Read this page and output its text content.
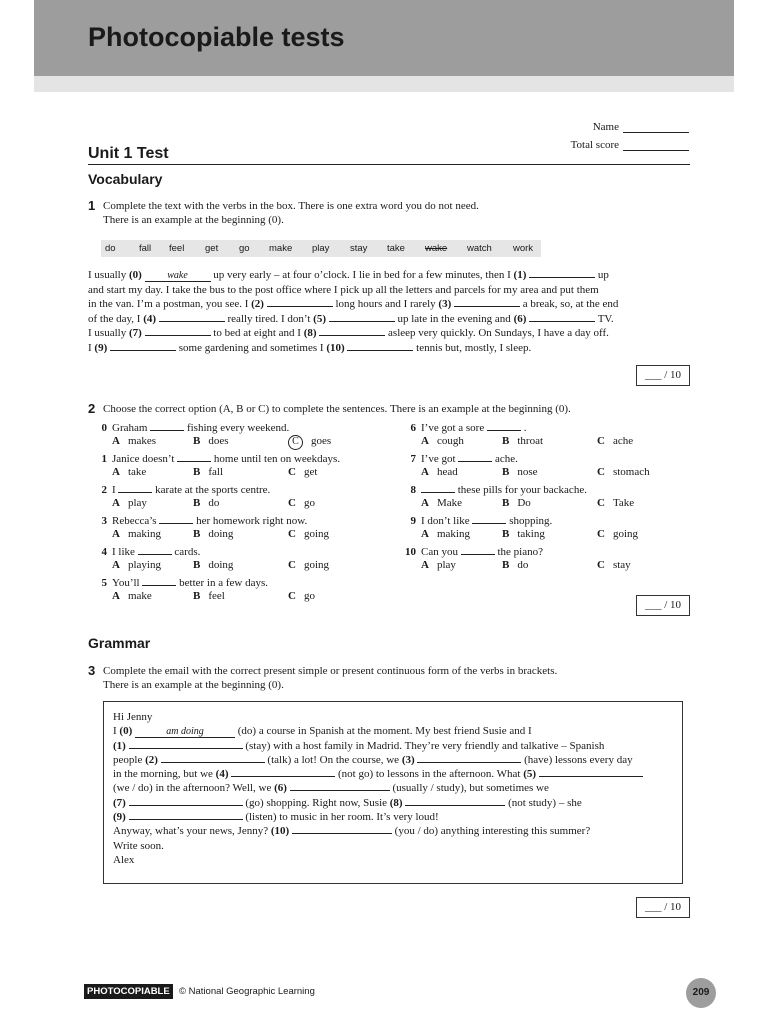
Photocopiable tests
Name
Total score
Unit 1 Test
Vocabulary
1 Complete the text with the verbs in the box. There is one extra word you do not need.
There is an example at the beginning (0).
do fall feel get go make play stay take wake watch work
I usually (0)	wake up very early – at four o’clock. I lie in bed for a few minutes, then I (1)	up
and start my day. I take the bus to the post office where I pick up all the letters and parcels for my area and put them
in the van. I’m a postman, you see. I (2)	long hours and I rarely (3)	a break, so, at the end
of the day, I (4)	really tired. I don’t (5)	up late in the evening and (6)	TV.
I usually (7)	to bed at eight and I (8)	asleep very quickly. On Sundays, I have a day off.
I (9)	some gardening and sometimes I (10)	tennis but, mostly, I sleep.
___ / 10
2 Choose the correct option (A, B or C) to complete the sentences. There is an example at the beginning (0).
0 Graham	fishing every weekend.
A makes	B does	C goes
1 Janice doesn’t	home until ten on weekdays.
A take	B fall	C get
2 I	karate at the sports centre.
A play	B do	C go
3 Rebecca’s	her homework right now.
A making	B doing	C going
4 I like	cards.
A playing	B doing	C going
5 You’ll	better in a few days.
A make	B feel	C go
6 I’ve got a sore	.
A cough	B throat	C ache
7 I’ve got	ache.
A head	B nose	C stomach
8	these pills for your backache.
A Make	B Do	C Take
9 I don’t like	shopping.
A making	B taking	C going
10 Can you	the piano?
A play	B do	C stay
___ / 10
Grammar
3 Complete the email with the correct present simple or present continuous form of the verbs in brackets.
There is an example at the beginning (0).
Hi Jenny
I (0)	am doing	(do) a course in Spanish at the moment. My best friend Susie and I
(1)	(stay) with a host family in Madrid. They’re very friendly and talkative – Spanish
people (2)	(talk) a lot! On the course, we (3)	(have) lessons every day
in the morning, but we (4)	(not go) to lessons in the afternoon. What (5)
(we / do) in the afternoon? Well, we (6)	(usually / study), but sometimes we
(7)	(go) shopping. Right now, Susie (8)	(not study) – she
(9)	(listen) to music in her room. It’s very loud!
Anyway, what’s your news, Jenny? (10)	(you / do) anything interesting this summer?
Write soon.
Alex
___ / 10
PHOTOCOPIABLE © National Geographic Learning	209
